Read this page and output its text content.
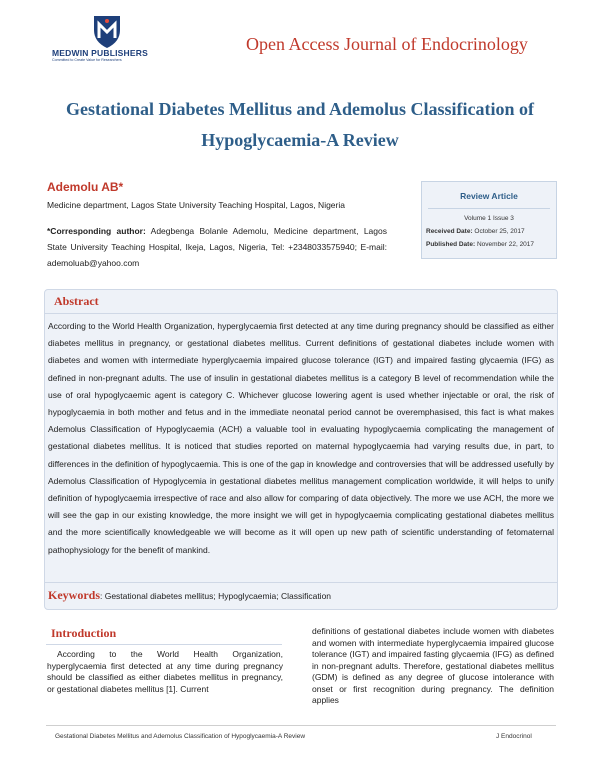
MEDWIN PUBLISHERS
Committed to Create Value for Researchers
Open Access Journal of Endocrinology
Gestational Diabetes Mellitus and Ademolus Classification of Hypoglycaemia-A Review
Ademolu AB*
Medicine department, Lagos State University Teaching Hospital, Lagos, Nigeria
*Corresponding author: Adegbenga Bolanle Ademolu, Medicine department, Lagos State University Teaching Hospital, Ikeja, Lagos, Nigeria, Tel: +2348033575940; E-mail: ademoluab@yahoo.com
Review Article
Volume 1 Issue 3
Received Date: October 25, 2017
Published Date: November 22, 2017
Abstract
According to the World Health Organization, hyperglycaemia first detected at any time during pregnancy should be classified as either diabetes mellitus in pregnancy, or gestational diabetes mellitus. Current definitions of gestational diabetes include women with diabetes and women with intermediate hyperglycaemia impaired glucose tolerance (IGT) and impaired fasting glycaemia (IFG) as defined in non-pregnant adults. The use of insulin in gestational diabetes mellitus is a category B level of recommendation while the use of oral hypoglycaemic agent is category C. Whichever glucose lowering agent is used whether injectable or oral, the risk of hypoglycaemia in both mother and fetus and in the immediate neonatal period cannot be overemphasised, this fact is what makes Ademolus Classification of Hypoglycaemia (ACH) a valuable tool in evaluating hypoglycaemia complicating the management of gestational diabetes mellitus. It is noticed that studies reported on maternal hypoglycaemia had varying results due, in part, to differences in the definition of hypoglycaemia. This is one of the gap in knowledge and controversies that will be addressed usefully by Ademolus Classification of Hypoglycemia in gestational diabetes mellitus management complication worldwide, it will helps to unify definition of hypoglycaemia irrespective of race and also allow for comparing of data objectively. The more we use ACH, the more we will see the gap in our existing knowledge, the more insight we will get in hypoglycaemia complicating gestational diabetes mellitus and the more scientifically knowledgeable we will become as it will open up new path of scientific understanding of fetomaternal pathophysiology for the benefit of mankind.
Keywords: Gestational diabetes mellitus; Hypoglycaemia; Classification
Introduction
According to the World Health Organization, hyperglycaemia first detected at any time during pregnancy should be classified as either diabetes mellitus in pregnancy, or gestational diabetes mellitus [1]. Current
definitions of gestational diabetes include women with diabetes and women with intermediate hyperglycaemia impaired glucose tolerance (IGT) and impaired fasting glycaemia (IFG) as defined in non-pregnant adults. Therefore, gestational diabetes mellitus (GDM) is defined as any degree of glucose intolerance with onset or first recognition during pregnancy. The definition applies
Gestational Diabetes Mellitus and Ademolus Classification of Hypoglycaemia-A Review	J Endocrinol
